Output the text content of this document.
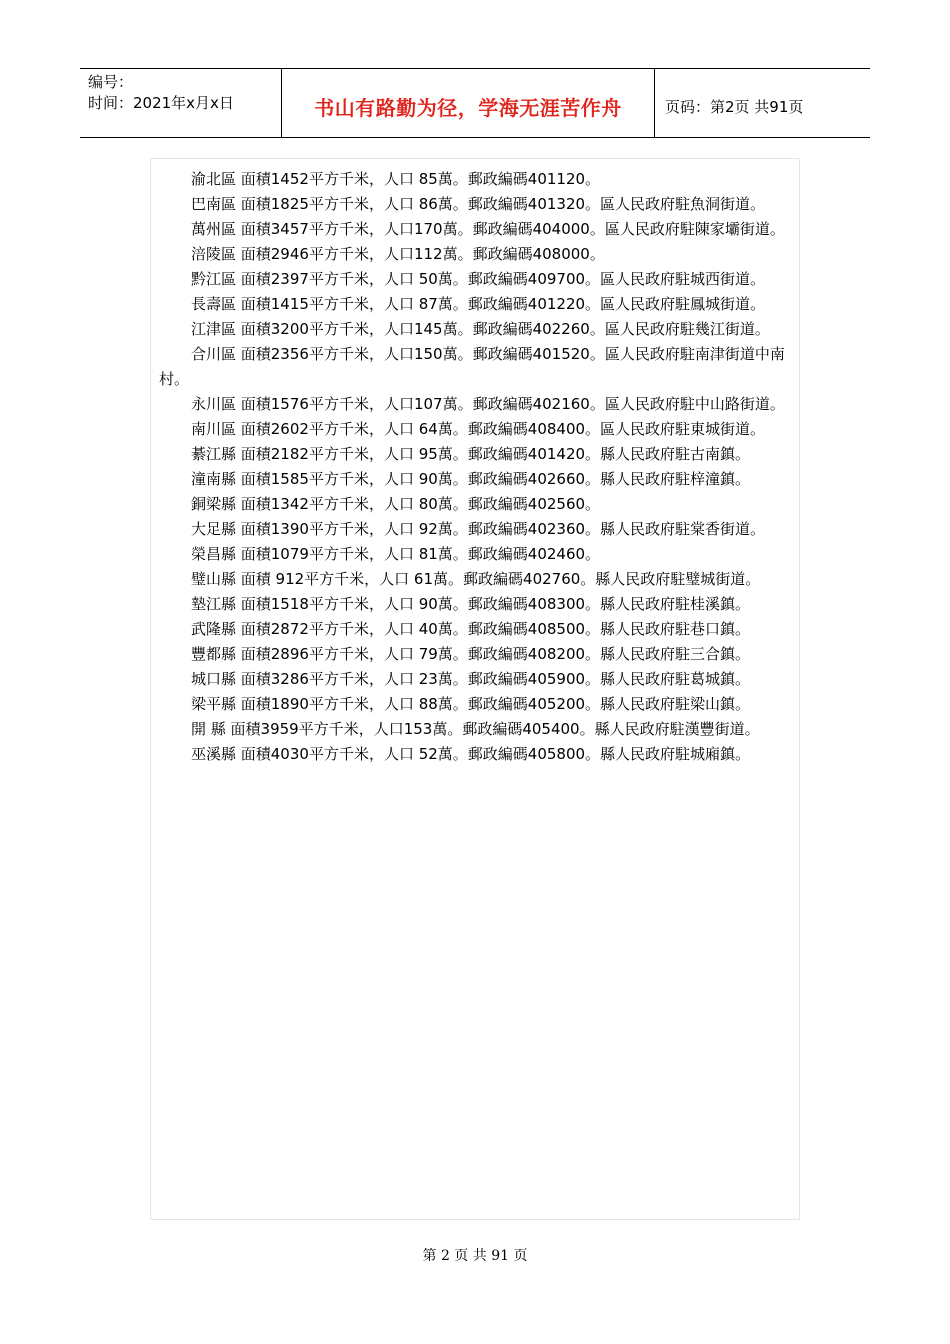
编号：
时间：2021年x月x日	书山有路勤为径，学海无涯苦作舟	页码：第2页 共91页

渝北區 面積1452平方千米，人口 85萬。郵政編碼401120。

巴南區 面積1825平方千米，人口 86萬。郵政編碼401320。區人民政府駐魚洞街道。

萬州區 面積3457平方千米，人口170萬。郵政編碼404000。區人民政府駐陳家壩街道。

涪陵區 面積2946平方千米，人口112萬。郵政編碼408000。

黔江區 面積2397平方千米，人口 50萬。郵政編碼409700。區人民政府駐城西街道。

長壽區 面積1415平方千米，人口 87萬。郵政編碼401220。區人民政府駐鳳城街道。

江津區 面積3200平方千米，人口145萬。郵政編碼402260。區人民政府駐幾江街道。

合川區 面積2356平方千米，人口150萬。郵政編碼401520。區人民政府駐南津街道中南村。

永川區 面積1576平方千米，人口107萬。郵政編碼402160。區人民政府駐中山路街道。

南川區 面積2602平方千米，人口 64萬。郵政編碼408400。區人民政府駐東城街道。

綦江縣 面積2182平方千米，人口 95萬。郵政編碼401420。縣人民政府駐古南鎮。

潼南縣 面積1585平方千米，人口 90萬。郵政編碼402660。縣人民政府駐梓潼鎮。

銅梁縣 面積1342平方千米，人口 80萬。郵政編碼402560。

大足縣 面積1390平方千米，人口 92萬。郵政編碼402360。縣人民政府駐棠香街道。

榮昌縣 面積1079平方千米，人口 81萬。郵政編碼402460。

璧山縣 面積 912平方千米，人口 61萬。郵政編碼402760。縣人民政府駐璧城街道。

墊江縣 面積1518平方千米，人口 90萬。郵政編碼408300。縣人民政府駐桂溪鎮。

武隆縣 面積2872平方千米，人口 40萬。郵政編碼408500。縣人民政府駐巷口鎮。

豐都縣 面積2896平方千米，人口 79萬。郵政編碼408200。縣人民政府駐三合鎮。

城口縣 面積3286平方千米，人口 23萬。郵政編碼405900。縣人民政府駐葛城鎮。

梁平縣 面積1890平方千米，人口 88萬。郵政編碼405200。縣人民政府駐梁山鎮。

開 縣 面積3959平方千米，人口153萬。郵政編碼405400。縣人民政府駐漢豐街道。

巫溪縣 面積4030平方千米，人口 52萬。郵政編碼405800。縣人民政府駐城廂鎮。

第 2 页 共 91 页
